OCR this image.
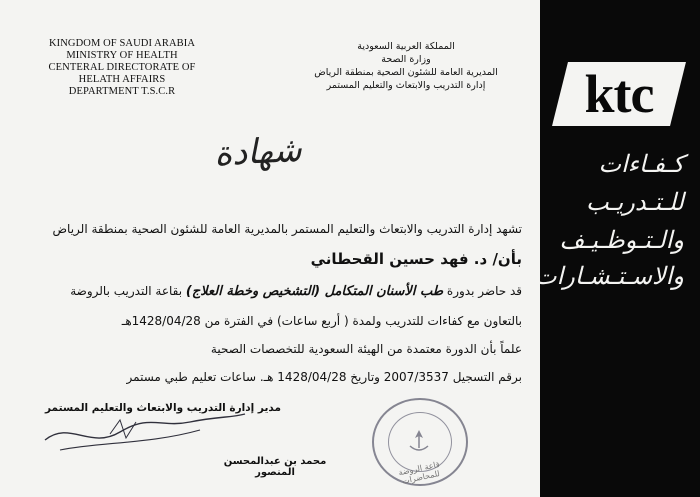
KINGDOM OF SAUDI ARABIA
MINISTRY OF HEALTH
CENTERAL DIRECTORATE OF
HELATH AFFAIRS
DEPARTMENT T.S.C.R
المملكة العربية السعودية
وزارة الصحة
المديرية العامة للشئون الصحية بمنطقة الرياض
إدارة التدريب والابتعاث والتعليم المستمر
شهادة
تشهد إدارة التدريب والابتعاث والتعليم المستمر بالمديرية العامة للشئون الصحية بمنطقة الرياض
بأن/ د. فهد حسين القحطاني
قد حاضر بدورة طب الأسنان المتكامل (التشخيص وخطة العلاج) بقاعة التدريب بالروضة
بالتعاون مع كفاءات للتدريب ولمدة ( أربع ساعات) في الفترة من 1428/04/28هـ
علماً بأن الدورة معتمدة من الهيئة السعودية للتخصصات الصحية
برقم التسجيل 2007/3537 وتاريخ 1428/04/28 هـ. ساعات تعليم طبي مستمر
مدير إدارة التدريب والابتعاث والتعليم المستمر
محمد بن عبدالمحسن المنصور	قاعة الروضة للمحاضرات
ktc
كـفـاءات
للـتـدريـب
والـتـوظـيـف
والاسـتـشـارات
